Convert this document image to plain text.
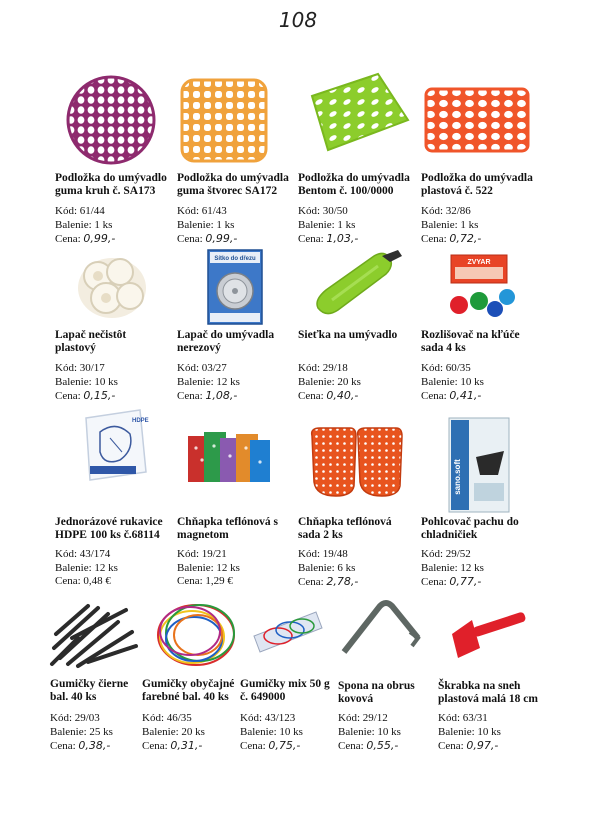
108
Podložka do umývadlo guma kruh č. SA173
Podložka do umývadla guma štvorec SA172
Podložka do umývadla Bentom č. 100/0000
Podložka do umývadla plastová č. 522
Kód: 61/44
Balenie: 1 ks
Cena: 0,99,-
Kód: 61/43
Balenie: 1 ks
Cena: 0,99,-
Kód: 30/50
Balenie: 1 ks
Cena: 1,03,-
Kód: 32/86
Balenie: 1 ks
Cena: 0,72,-
Sítko do dřezu	ZVYAR
Lapač nečistôt plastový
Lapač do umývadla nerezový
Sieťka na umývadlo	Rozlišovač na kľúče sada 4 ks
Kód: 30/17
Balenie: 10 ks
Cena: 0,15,-
Kód: 03/27
Balenie: 12 ks
Cena: 1,08,-
Kód: 29/18
Balenie: 20 ks
Cena: 0,40,-
Kód: 60/35
Balenie: 10 ks
Cena: 0,41,-
HDPE
sano.soft
Jednorázové rukavice HDPE 100 ks č.68114
Chňapka teflónová s magnetom
Chňapka teflónová sada 2 ks
Pohlcovač pachu do chladničiek
Kód: 43/174
Balenie: 12 ks
Cena: 0,48 €
Kód: 19/21
Balenie: 12 ks
Cena: 1,29 €
Kód: 19/48
Balenie: 6 ks
Cena: 2,78,-
Kód: 29/52
Balenie: 12 ks
Cena: 0,77,-
Gumičky čierne bal. 40 ks
Gumičky obyčajné farebné bal. 40 ks
Gumičky mix 50 g č. 649000
Spona na obrus kovová
Škrabka na sneh plastová malá 18 cm
Kód: 29/03
Balenie: 25 ks
Cena: 0,38,-
Kód: 46/35
Balenie: 20 ks
Cena: 0,31,-
Kód: 43/123
Balenie: 10 ks
Cena: 0,75,-
Kód: 29/12
Balenie: 10 ks
Cena: 0,55,-
Kód: 63/31
Balenie: 10 ks
Cena: 0,97,-
